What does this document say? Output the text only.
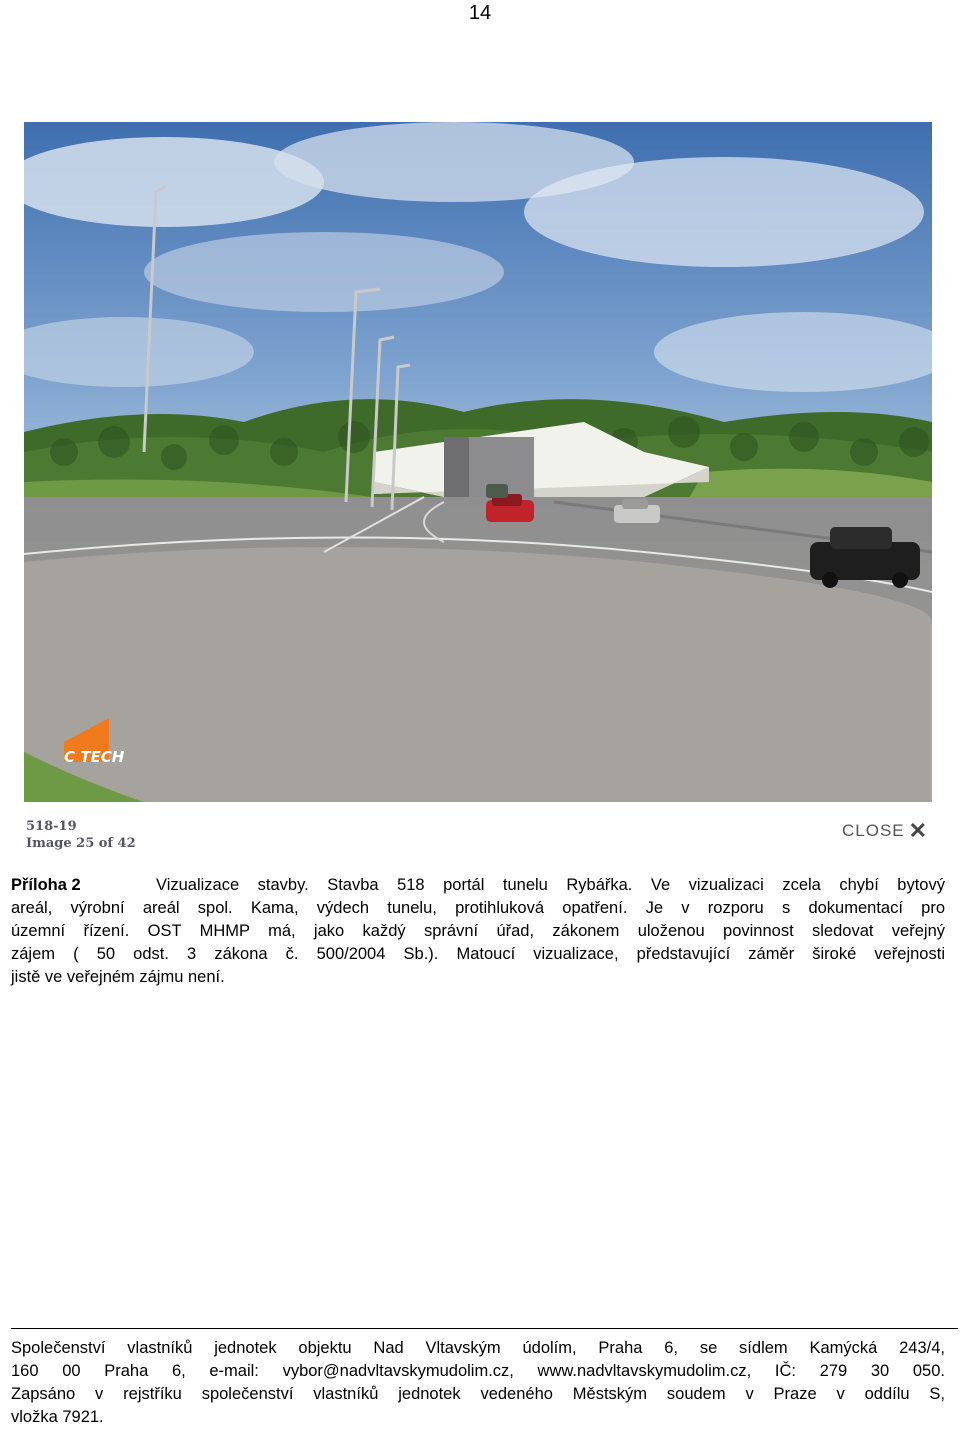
14
C TECH
518-19
Image 25 of 42
CLOSE ✕
Příloha 2	Vizualizace stavby. Stavba 518 portál tunelu Rybářka. Ve vizualizaci zcela chybí bytový
areál, výrobní areál spol. Kama, výdech tunelu, protihluková opatření. Je v rozporu s dokumentací pro
územní řízení. OST MHMP má, jako každý správní úřad, zákonem uloženou povinnost sledovat veřejný
zájem ( 50 odst. 3 zákona č. 500/2004 Sb.). Matoucí vizualizace, představující záměr široké veřejnosti
jistě ve veřejném zájmu není.
Společenství vlastníků jednotek objektu Nad Vltavským údolím, Praha 6, se sídlem Kamýcká 243/4,
160 00 Praha 6, e-mail: vybor@nadvltavskymudolim.cz, www.nadvltavskymudolim.cz, IČ: 279 30 050.
Zapsáno v rejstříku společenství vlastníků jednotek vedeného Městským soudem v Praze v oddílu S,
vložka 7921.
